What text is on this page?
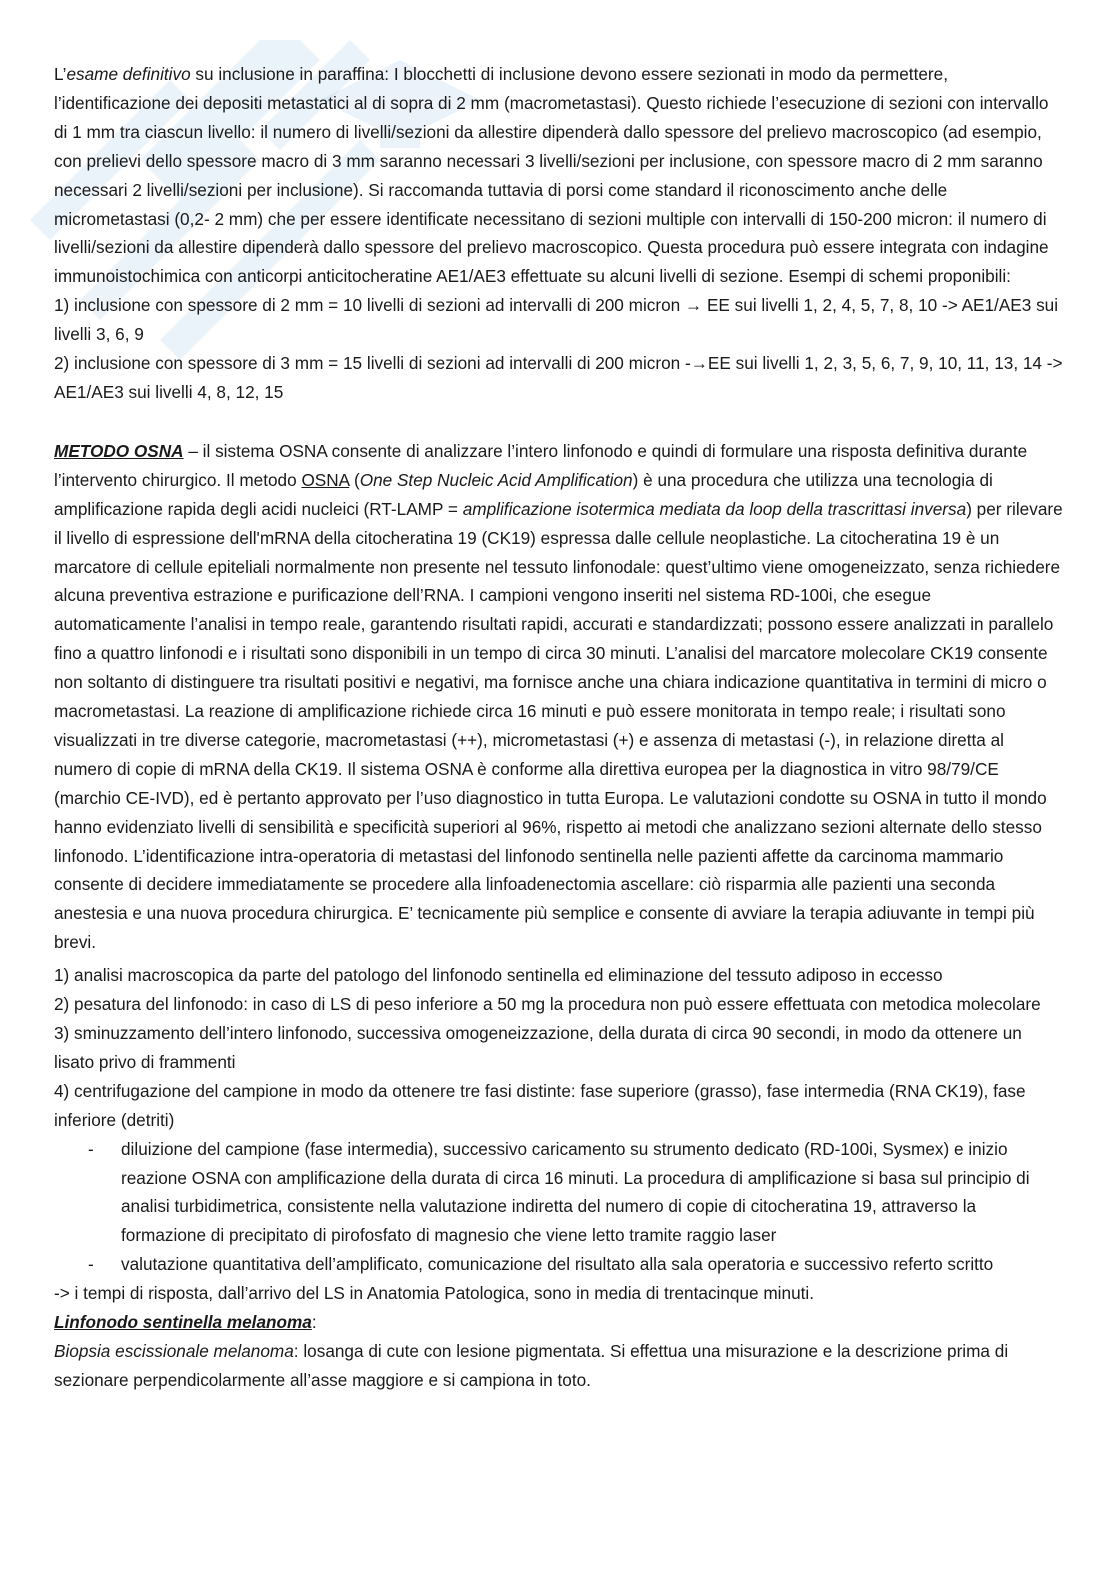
L’esame definitivo su inclusione in paraffina: I blocchetti di inclusione devono essere sezionati in modo da permettere, l’identificazione dei depositi metastatici al di sopra di 2 mm (macrometastasi). Questo richiede l’esecuzione di sezioni con intervallo di 1 mm tra ciascun livello: il numero di livelli/sezioni da allestire dipenderà dallo spessore del prelievo macroscopico (ad esempio, con prelievi dello spessore macro di 3 mm saranno necessari 3 livelli/sezioni per inclusione, con spessore macro di 2 mm saranno necessari 2 livelli/sezioni per inclusione). Si raccomanda tuttavia di porsi come standard il riconoscimento anche delle micrometastasi (0,2- 2 mm) che per essere identificate necessitano di sezioni multiple con intervalli di 150-200 micron: il numero di livelli/sezioni da allestire dipenderà dallo spessore del prelievo macroscopico. Questa procedura può essere integrata con indagine immunoistochimica con anticorpi anticitocheratine AE1/AE3 effettuate su alcuni livelli di sezione. Esempi di schemi proponibili:

1) inclusione con spessore di 2 mm = 10 livelli di sezioni ad intervalli di 200 micron → EE sui livelli 1, 2, 4, 5, 7, 8, 10 -> AE1/AE3 sui livelli 3, 6, 9

2) inclusione con spessore di 3 mm = 15 livelli di sezioni ad intervalli di 200 micron -→EE sui livelli 1, 2, 3, 5, 6, 7, 9, 10, 11, 13, 14 -> AE1/AE3 sui livelli 4, 8, 12, 15

METODO OSNA – il sistema OSNA consente di analizzare l’intero linfonodo e quindi di formulare una risposta definitiva durante l’intervento chirurgico. Il metodo OSNA (One Step Nucleic Acid Amplification) è una procedura che utilizza una tecnologia di amplificazione rapida degli acidi nucleici (RT-LAMP = amplificazione isotermica mediata da loop della trascrittasi inversa) per rilevare il livello di espressione dell'mRNA della citocheratina 19 (CK19) espressa dalle cellule neoplastiche. La citocheratina 19 è un marcatore di cellule epiteliali normalmente non presente nel tessuto linfonodale: quest’ultimo viene omogeneizzato, senza richiedere alcuna preventiva estrazione e purificazione dell’RNA. I campioni vengono inseriti nel sistema RD-100i, che esegue automaticamente l’analisi in tempo reale, garantendo risultati rapidi, accurati e standardizzati; possono essere analizzati in parallelo fino a quattro linfonodi e i risultati sono disponibili in un tempo di circa 30 minuti. L’analisi del marcatore molecolare CK19 consente non soltanto di distinguere tra risultati positivi e negativi, ma fornisce anche una chiara indicazione quantitativa in termini di micro o macrometastasi. La reazione di amplificazione richiede circa 16 minuti e può essere monitorata in tempo reale; i risultati sono visualizzati in tre diverse categorie, macrometastasi (++), micrometastasi (+) e assenza di metastasi (-), in relazione diretta al numero di copie di mRNA della CK19. Il sistema OSNA è conforme alla direttiva europea per la diagnostica in vitro 98/79/CE (marchio CE-IVD), ed è pertanto approvato per l’uso diagnostico in tutta Europa. Le valutazioni condotte su OSNA in tutto il mondo hanno evidenziato livelli di sensibilità e specificità superiori al 96%, rispetto ai metodi che analizzano sezioni alternate dello stesso linfonodo. L’identificazione intra-operatoria di metastasi del linfonodo sentinella nelle pazienti affette da carcinoma mammario consente di decidere immediatamente se procedere alla linfoadenectomia ascellare: ciò risparmia alle pazienti una seconda anestesia e una nuova procedura chirurgica. E’ tecnicamente più semplice e consente di avviare la terapia adiuvante in tempi più brevi.

1) analisi macroscopica da parte del patologo del linfonodo sentinella ed eliminazione del tessuto adiposo in eccesso

2) pesatura del linfonodo: in caso di LS di peso inferiore a 50 mg la procedura non può essere effettuata con metodica molecolare

3) sminuzzamento dell’intero linfonodo, successiva omogeneizzazione, della durata di circa 90 secondi, in modo da ottenere un lisato privo di frammenti

4) centrifugazione del campione in modo da ottenere tre fasi distinte: fase superiore (grasso), fase intermedia (RNA CK19), fase inferiore (detriti)

- diluizione del campione (fase intermedia), successivo caricamento su strumento dedicato (RD-100i, Sysmex) e inizio reazione OSNA con amplificazione della durata di circa 16 minuti. La procedura di amplificazione si basa sul principio di analisi turbidimetrica, consistente nella valutazione indiretta del numero di copie di citocheratina 19, attraverso la formazione di precipitato di pirofosfato di magnesio che viene letto tramite raggio laser
- valutazione quantitativa dell’amplificato, comunicazione del risultato alla sala operatoria e successivo referto scritto

-> i tempi di risposta, dall’arrivo del LS in Anatomia Patologica, sono in media di trentacinque minuti.

Linfonodo sentinella melanoma:

Biopsia escissionale melanoma: losanga di cute con lesione pigmentata. Si effettua una misurazione e la descrizione prima di sezionare perpendicolarmente all’asse maggiore e si campiona in toto.
